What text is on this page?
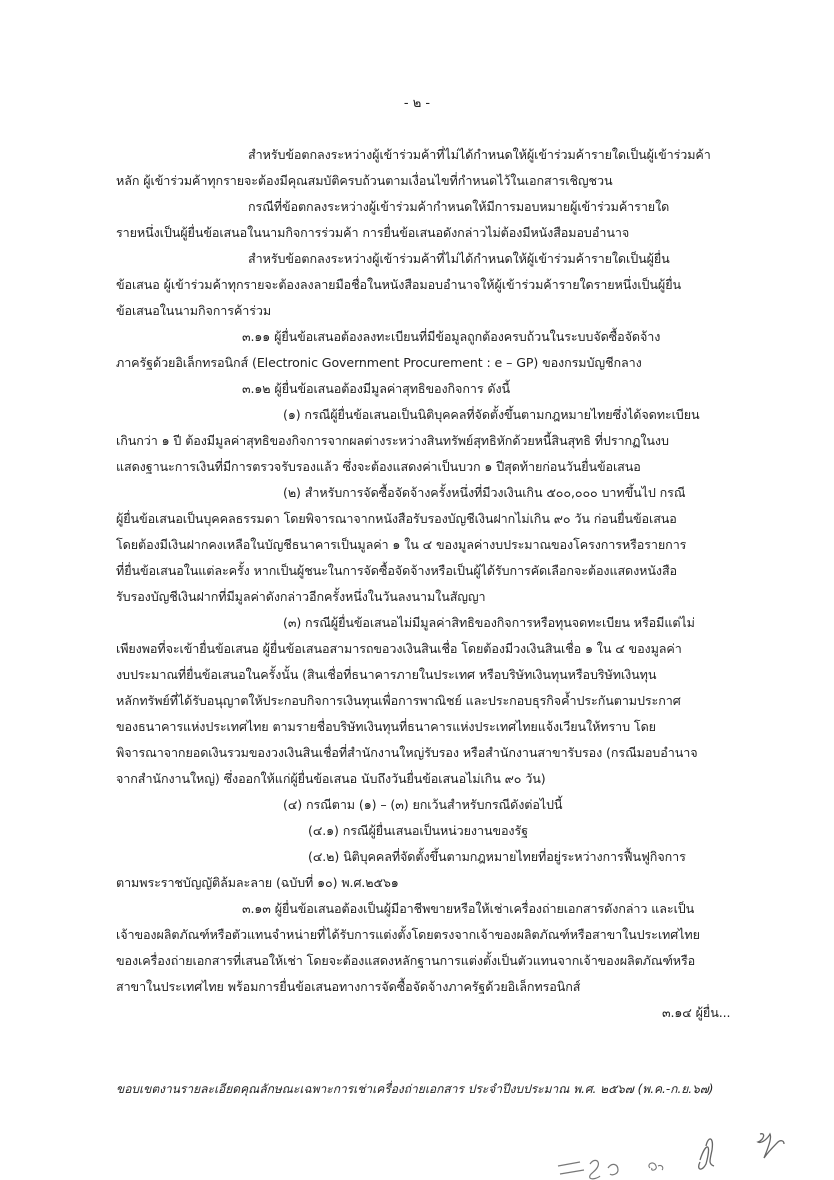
- ๒ -
สำหรับข้อตกลงระหว่างผู้เข้าร่วมค้าที่ไม่ได้กำหนดให้ผู้เข้าร่วมค้ารายใดเป็นผู้เข้าร่วมค้า
หลัก ผู้เข้าร่วมค้าทุกรายจะต้องมีคุณสมบัติครบถ้วนตามเงื่อนไขที่กำหนดไว้ในเอกสารเชิญชวน
กรณีที่ข้อตกลงระหว่างผู้เข้าร่วมค้ากำหนดให้มีการมอบหมายผู้เข้าร่วมค้ารายใด
รายหนึ่งเป็นผู้ยื่นข้อเสนอในนามกิจการร่วมค้า การยื่นข้อเสนอดังกล่าวไม่ต้องมีหนังสือมอบอำนาจ
สำหรับข้อตกลงระหว่างผู้เข้าร่วมค้าที่ไม่ได้กำหนดให้ผู้เข้าร่วมค้ารายใดเป็นผู้ยื่น
ข้อเสนอ ผู้เข้าร่วมค้าทุกรายจะต้องลงลายมือชื่อในหนังสือมอบอำนาจให้ผู้เข้าร่วมค้ารายใดรายหนึ่งเป็นผู้ยื่น
ข้อเสนอในนามกิจการค้าร่วม
๓.๑๑ ผู้ยื่นข้อเสนอต้องลงทะเบียนที่มีข้อมูลถูกต้องครบถ้วนในระบบจัดซื้อจัดจ้าง
ภาครัฐด้วยอิเล็กทรอนิกส์ (Electronic Government Procurement : e – GP) ของกรมบัญชีกลาง
๓.๑๒ ผู้ยื่นข้อเสนอต้องมีมูลค่าสุทธิของกิจการ ดังนี้
(๑) กรณีผู้ยื่นข้อเสนอเป็นนิติบุคคลที่จัดตั้งขึ้นตามกฎหมายไทยซึ่งได้จดทะเบียน
เกินกว่า ๑ ปี ต้องมีมูลค่าสุทธิของกิจการจากผลต่างระหว่างสินทรัพย์สุทธิหักด้วยหนี้สินสุทธิ ที่ปรากฏในงบ
แสดงฐานะการเงินที่มีการตรวจรับรองแล้ว ซึ่งจะต้องแสดงค่าเป็นบวก ๑ ปีสุดท้ายก่อนวันยื่นข้อเสนอ
(๒) สำหรับการจัดซื้อจัดจ้างครั้งหนึ่งที่มีวงเงินเกิน ๕๐๐,๐๐๐ บาทขึ้นไป กรณี
ผู้ยื่นข้อเสนอเป็นบุคคลธรรมดา โดยพิจารณาจากหนังสือรับรองบัญชีเงินฝากไม่เกิน ๙๐ วัน ก่อนยื่นข้อเสนอ
โดยต้องมีเงินฝากคงเหลือในบัญชีธนาคารเป็นมูลค่า ๑ ใน ๔ ของมูลค่างบประมาณของโครงการหรือรายการ
ที่ยื่นข้อเสนอในแต่ละครั้ง หากเป็นผู้ชนะในการจัดซื้อจัดจ้างหรือเป็นผู้ได้รับการคัดเลือกจะต้องแสดงหนังสือ
รับรองบัญชีเงินฝากที่มีมูลค่าดังกล่าวอีกครั้งหนึ่งในวันลงนามในสัญญา
(๓) กรณีผู้ยื่นข้อเสนอไม่มีมูลค่าสิทธิของกิจการหรือทุนจดทะเบียน หรือมีแต่ไม่
เพียงพอที่จะเข้ายื่นข้อเสนอ ผู้ยื่นข้อเสนอสามารถขอวงเงินสินเชื่อ โดยต้องมีวงเงินสินเชื่อ ๑ ใน ๔ ของมูลค่า
งบประมาณที่ยื่นข้อเสนอในครั้งนั้น (สินเชื่อที่ธนาคารภายในประเทศ หรือบริษัทเงินทุนหรือบริษัทเงินทุน
หลักทรัพย์ที่ได้รับอนุญาตให้ประกอบกิจการเงินทุนเพื่อการพาณิชย์ และประกอบธุรกิจค้ำประกันตามประกาศ
ของธนาคารแห่งประเทศไทย ตามรายชื่อบริษัทเงินทุนที่ธนาคารแห่งประเทศไทยแจ้งเวียนให้ทราบ โดย
พิจารณาจากยอดเงินรวมของวงเงินสินเชื่อที่สำนักงานใหญ่รับรอง หรือสำนักงานสาขารับรอง (กรณีมอบอำนาจ
จากสำนักงานใหญ่) ซึ่งออกให้แก่ผู้ยื่นข้อเสนอ นับถึงวันยื่นข้อเสนอไม่เกิน ๙๐ วัน)
(๔) กรณีตาม (๑) – (๓) ยกเว้นสำหรับกรณีดังต่อไปนี้
(๔.๑) กรณีผู้ยื่นเสนอเป็นหน่วยงานของรัฐ
(๔.๒) นิติบุคคลที่จัดตั้งขึ้นตามกฎหมายไทยที่อยู่ระหว่างการฟื้นฟูกิจการ
ตามพระราชบัญญัติล้มละลาย (ฉบับที่ ๑๐) พ.ศ.๒๕๖๑
๓.๑๓ ผู้ยื่นข้อเสนอต้องเป็นผู้มีอาชีพขายหรือให้เช่าเครื่องถ่ายเอกสารดังกล่าว และเป็น
เจ้าของผลิตภัณฑ์หรือตัวแทนจำหน่ายที่ได้รับการแต่งตั้งโดยตรงจากเจ้าของผลิตภัณฑ์หรือสาขาในประเทศไทย
ของเครื่องถ่ายเอกสารที่เสนอให้เช่า โดยจะต้องแสดงหลักฐานการแต่งตั้งเป็นตัวแทนจากเจ้าของผลิตภัณฑ์หรือ
สาขาในประเทศไทย พร้อมการยื่นข้อเสนอทางการจัดซื้อจัดจ้างภาครัฐด้วยอิเล็กทรอนิกส์
๓.๑๔ ผู้ยื่น...
ขอบเขตงานรายละเอียดคุณลักษณะเฉพาะการเช่าเครื่องถ่ายเอกสาร ประจำปีงบประมาณ พ.ศ. ๒๕๖๗ (พ.ค.-ก.ย.๖๗)
